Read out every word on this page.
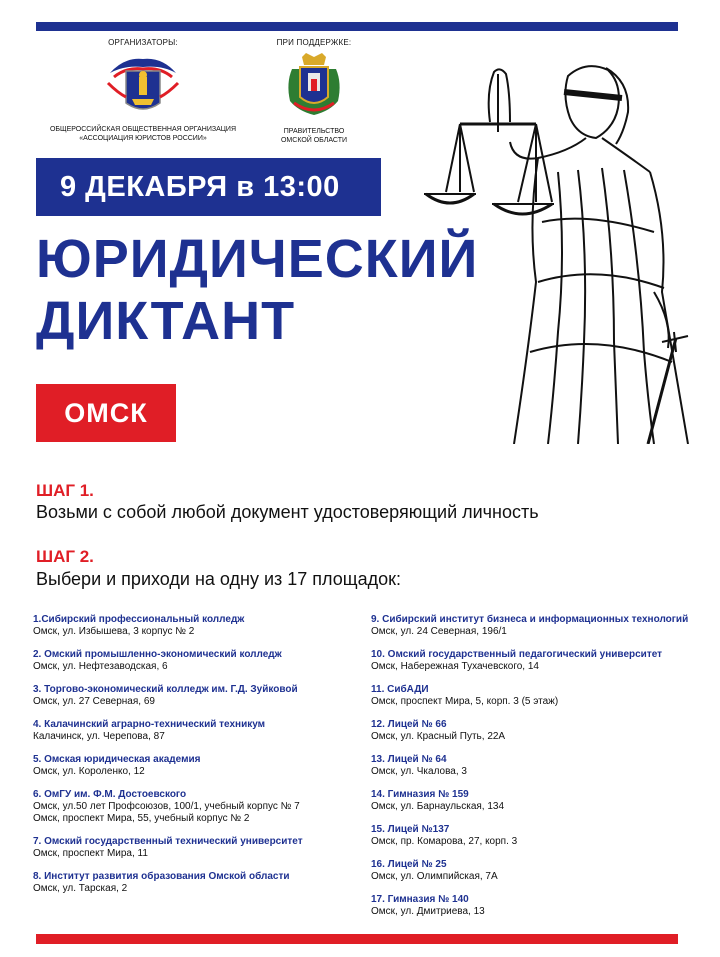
ОРГАНИЗАТОРЫ:
ОБЩЕРОССИЙСКАЯ ОБЩЕСТВЕННАЯ ОРГАНИЗАЦИЯ
«АССОЦИАЦИЯ ЮРИСТОВ РОССИИ»
ПРИ ПОДДЕРЖКЕ:
ПРАВИТЕЛЬСТВО
ОМСКОЙ ОБЛАСТИ
9 ДЕКАБРЯ в 13:00
ЮРИДИЧЕСКИЙ
ДИКТАНТ
ОМСК
ШАГ 1.
Возьми с собой любой документ удостоверяющий личность
ШАГ 2.
Выбери и приходи на одну из 17 площадок:
1.Сибирский профессиональный колледж
Омск, ул. Избышева, 3 корпус № 2
2. Омский промышленно-экономический колледж
Омск, ул. Нефтезаводская, 6
3. Торгово-экономический колледж им. Г.Д. Зуйковой
Омск, ул. 27 Северная, 69
4. Калачинский аграрно-технический техникум
Калачинск, ул. Черепова, 87
5. Омская юридическая академия
Омск, ул. Короленко, 12
6. ОмГУ им. Ф.М. Достоевского
Омск, ул.50 лет Профсоюзов, 100/1, учебный корпус № 7
Омск, проспект Мира, 55, учебный корпус № 2
7. Омский государственный технический университет
Омск, проспект Мира, 11
8. Институт развития образования Омской области
Омск, ул. Тарская, 2
9. Сибирский институт бизнеса и информационных технологий
Омск, ул. 24 Северная, 196/1
10. Омский государственный педагогический университет
Омск, Набережная Тухачевского, 14
11. СибАДИ
Омск, проспект Мира, 5, корп. 3 (5 этаж)
12. Лицей № 66
Омск, ул. Красный Путь, 22А
13. Лицей № 64
Омск, ул. Чкалова, 3
14. Гимназия № 159
Омск, ул. Барнаульская, 134
15. Лицей №137
Омск, пр. Комарова, 27, корп. 3
16. Лицей № 25
Омск, ул. Олимпийская, 7А
17. Гимназия № 140
Омск, ул. Дмитриева, 13
